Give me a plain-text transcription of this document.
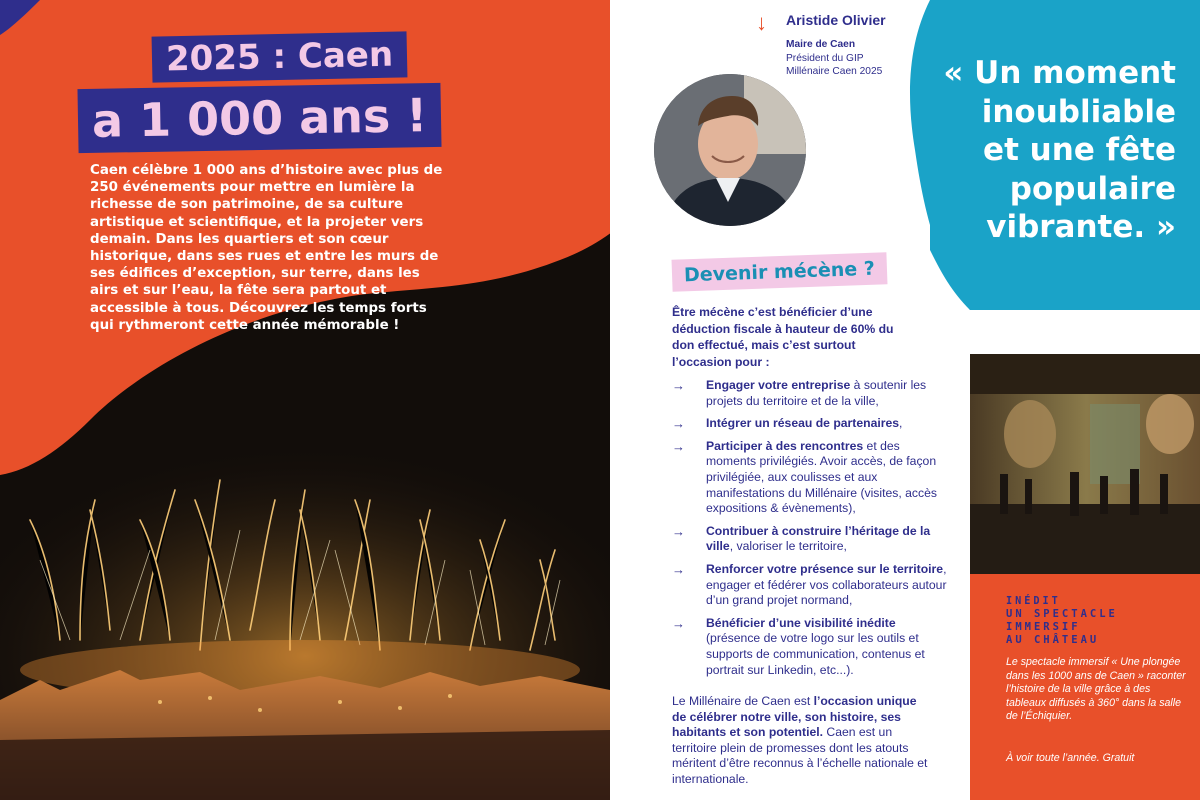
2025 : Caen
a 1 000 ans !

Caen célèbre 1 000 ans d’histoire avec plus de 250 événements pour mettre en lumière la richesse de son patrimoine, de sa culture artistique et scientifique, et la projeter vers demain. Dans les quartiers et son cœur historique, dans ses rues et entre les murs de ses édifices d’exception, sur terre, dans les airs et sur l’eau, la fête sera partout et accessible à tous. Découvrez les temps forts qui rythmeront cette année mémorable !

↓ Aristide Olivier
Maire de Caen
Président du GIP
Millénaire Caen 2025	« Un moment inoubliable et une fête populaire vibrante. »
Devenir mécène ?

Être mécène c’est bénéficier d’une déduction fiscale à hauteur de 60% du don effectué, mais c’est surtout l’occasion pour :

→ Engager votre entreprise à soutenir les projets du territoire et de la ville,
→ Intégrer un réseau de partenaires,
→ Participer à des rencontres et des moments privilégiés. Avoir accès, de façon privilégiée, aux coulisses et aux manifestations du Millénaire (visites, accès expositions & évènements),
→ Contribuer à construire l’héritage de la ville, valoriser le territoire,
→ Renforcer votre présence sur le territoire, engager et fédérer vos collaborateurs autour d’un grand projet normand,
→ Bénéficier d’une visibilité inédite (présence de votre logo sur les outils et supports de communication, contenus et portrait sur Linkedin, etc...).

Le Millénaire de Caen est l’occasion unique de célébrer notre ville, son histoire, ses habitants et son potentiel. Caen est un territoire plein de promesses dont les atouts méritent d’être reconnus à l’échelle nationale et internationale.

INÉDIT
UN SPECTACLE
IMMERSIF
AU CHÂTEAU

Le spectacle immersif « Une plongée dans les 1000 ans de Caen » raconter l’histoire de la ville grâce à des tableaux diffusés à 360° dans la salle de l’Échiquier.

À voir toute l’année. Gratuit
